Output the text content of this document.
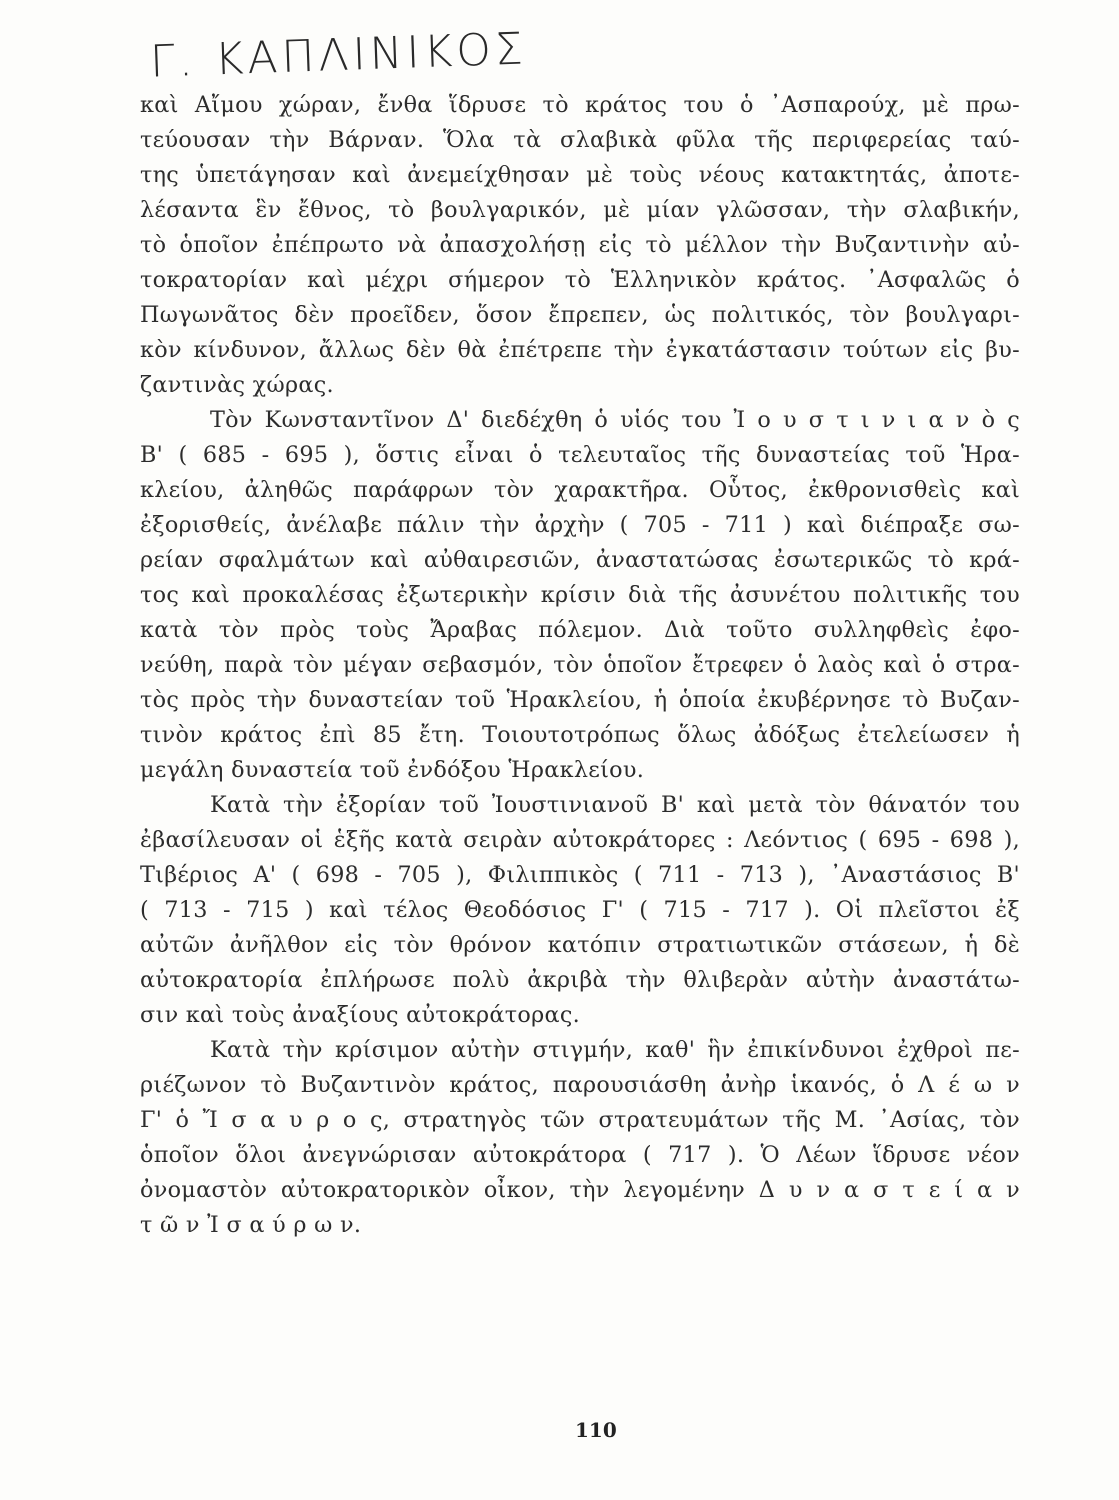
Γ. ΚΑΠΛΙΝΙΚΟΣ

καὶ Αἴμου χώραν, ἔνθα ἵδρυσε τὸ κράτος του ὁ ᾿Ασπαρούχ, μὲ πρω-
τεύουσαν τὴν Βάρναν. Ὅλα τὰ σλαβικὰ φῦλα τῆς περιφερείας ταύ-
της ὑπετάγησαν καὶ ἀνεμείχθησαν μὲ τοὺς νέους κατακτητάς, ἀποτε-
λέσαντα ἓν ἔθνος, τὸ βουλγαρικόν, μὲ μίαν γλῶσσαν, τὴν σλαβικήν,
τὸ ὁποῖον ἐπέπρωτο νὰ ἀπασχολήσῃ εἰς τὸ μέλλον τὴν Βυζαντινὴν αὐ-
τοκρατορίαν καὶ μέχρι σήμερον τὸ Ἑλληνικὸν κράτος. ᾿Ασφαλῶς ὁ
Πωγωνᾶτος δὲν προεῖδεν, ὅσον ἔπρεπεν, ὡς πολιτικός, τὸν βουλγαρι-
κὸν κίνδυνον, ἄλλως δὲν θὰ ἐπέτρεπε τὴν ἐγκατάστασιν τούτων εἰς βυ-
ζαντινὰς χώρας.

Τὸν Κωνσταντῖνον Δ' διεδέχθη ὁ υἱός του Ἰ ο υ σ τ ι ν ι α ν ὸ ς
Β' ( 685 - 695 ), ὅστις εἶναι ὁ τελευταῖος τῆς δυναστείας τοῦ Ἡρα-
κλείου, ἀληθῶς παράφρων τὸν χαρακτῆρα. Οὗτος, ἐκθρονισθεὶς καὶ
ἐξορισθείς, ἀνέλαβε πάλιν τὴν ἀρχὴν ( 705 - 711 ) καὶ διέπραξε σω-
ρείαν σφαλμάτων καὶ αὐθαιρεσιῶν, ἀναστατώσας ἐσωτερικῶς τὸ κρά-
τος καὶ προκαλέσας ἐξωτερικὴν κρίσιν διὰ τῆς ἀσυνέτου πολιτικῆς του
κατὰ τὸν πρὸς τοὺς Ἄραβας πόλεμον. Διὰ τοῦτο συλληφθεὶς ἐφο-
νεύθη, παρὰ τὸν μέγαν σεβασμόν, τὸν ὁποῖον ἔτρεφεν ὁ λαὸς καὶ ὁ στρα-
τὸς πρὸς τὴν δυναστείαν τοῦ Ἡρακλείου, ἡ ὁποία ἐκυβέρνησε τὸ Βυζαν-
τινὸν κράτος ἐπὶ 85 ἔτη. Τοιουτοτρόπως ὅλως ἀδόξως ἐτελείωσεν ἡ
μεγάλη δυναστεία τοῦ ἐνδόξου Ἡρακλείου.

Κατὰ τὴν ἐξορίαν τοῦ Ἰουστινιανοῦ Β' καὶ μετὰ τὸν θάνατόν του
ἐβασίλευσαν οἱ ἑξῆς κατὰ σειρὰν αὐτοκράτορες : Λεόντιος ( 695 - 698 ),
Τιβέριος Α' ( 698 - 705 ), Φιλιππικὸς ( 711 - 713 ), ᾿Αναστάσιος Β'
( 713 - 715 ) καὶ τέλος Θεοδόσιος Γ' ( 715 - 717 ). Οἱ πλεῖστοι ἐξ
αὐτῶν ἀνῆλθον εἰς τὸν θρόνον κατόπιν στρατιωτικῶν στάσεων, ἡ δὲ
αὐτοκρατορία ἐπλήρωσε πολὺ ἀκριβὰ τὴν θλιβερὰν αὐτὴν ἀναστάτω-
σιν καὶ τοὺς ἀναξίους αὐτοκράτορας.

Κατὰ τὴν κρίσιμον αὐτὴν στιγμήν, καθ' ἣν ἐπικίνδυνοι ἐχθροὶ πε-
ριέζωνον τὸ Βυζαντινὸν κράτος, παρουσιάσθη ἀνὴρ ἱκανός, ὁ Λ έ ω ν
Γ' ὁ Ἴ σ α υ ρ ο ς, στρατηγὸς τῶν στρατευμάτων τῆς Μ. ᾿Ασίας, τὸν
ὁποῖον ὅλοι ἀνεγνώρισαν αὐτοκράτορα ( 717 ). Ὁ Λέων ἵδρυσε νέον
ὀνομαστὸν αὐτοκρατορικὸν οἶκον, τὴν λεγομένην Δ υ ν α σ τ ε ί α ν
τ ῶ ν Ἰ σ α ύ ρ ω ν.

110
